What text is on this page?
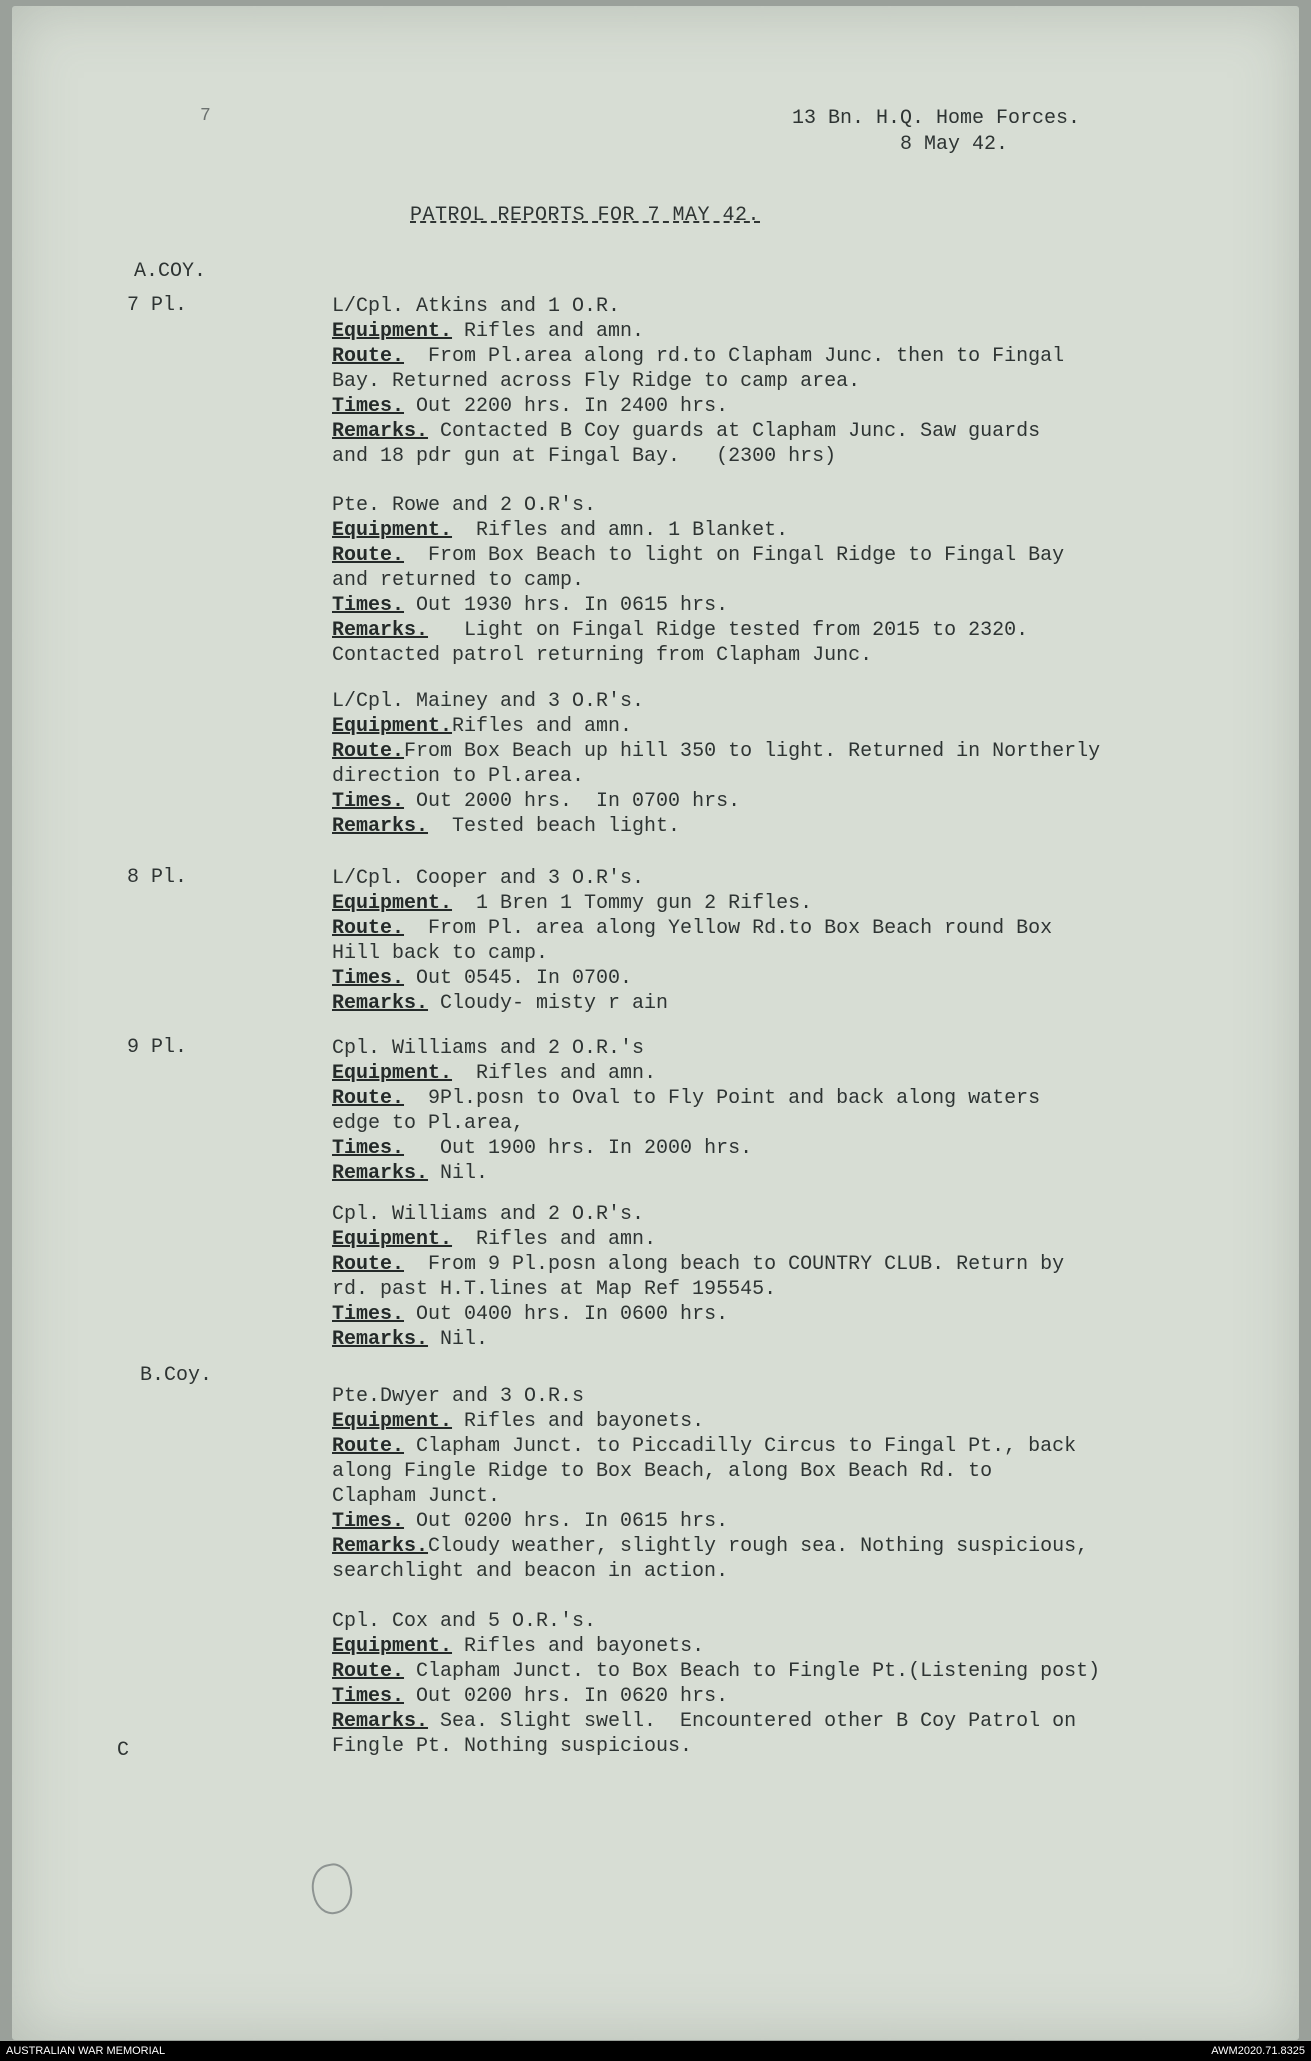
7	13 Bn. H.Q. Home Forces.
8 May 42.
PATROL REPORTS FOR 7 MAY 42.
A.COY.
7 Pl.
8 Pl.
9 Pl.
B.Coy.
C
L/Cpl. Atkins and 1 O.R.
Equipment. Rifles and amn.
Route.  From Pl.area along rd.to Clapham Junc. then to Fingal
Bay. Returned across Fly Ridge to camp area.
Times. Out 2200 hrs. In 2400 hrs.
Remarks. Contacted B Coy guards at Clapham Junc. Saw guards
and 18 pdr gun at Fingal Bay.   (2300 hrs)
Pte. Rowe and 2 O.R's.
Equipment.  Rifles and amn. 1 Blanket.
Route.  From Box Beach to light on Fingal Ridge to Fingal Bay
and returned to camp.
Times. Out 1930 hrs. In 0615 hrs.
Remarks.   Light on Fingal Ridge tested from 2015 to 2320.
Contacted patrol returning from Clapham Junc.
L/Cpl. Mainey and 3 O.R's.
Equipment.Rifles and amn.
Route.From Box Beach up hill 350 to light. Returned in Northerly
direction to Pl.area.
Times. Out 2000 hrs.  In 0700 hrs.
Remarks.  Tested beach light.
L/Cpl. Cooper and 3 O.R's.
Equipment.  1 Bren 1 Tommy gun 2 Rifles.
Route.  From Pl. area along Yellow Rd.to Box Beach round Box
Hill back to camp.
Times. Out 0545. In 0700.
Remarks. Cloudy- misty r ain
Cpl. Williams and 2 O.R.'s
Equipment.  Rifles and amn.
Route.  9Pl.posn to Oval to Fly Point and back along waters
edge to Pl.area,
Times.   Out 1900 hrs. In 2000 hrs.
Remarks. Nil.
Cpl. Williams and 2 O.R's.
Equipment.  Rifles and amn.
Route.  From 9 Pl.posn along beach to COUNTRY CLUB. Return by
rd. past H.T.lines at Map Ref 195545.
Times. Out 0400 hrs. In 0600 hrs.
Remarks. Nil.
Pte.Dwyer and 3 O.R.s
Equipment. Rifles and bayonets.
Route. Clapham Junct. to Piccadilly Circus to Fingal Pt., back
along Fingle Ridge to Box Beach, along Box Beach Rd. to
Clapham Junct.
Times. Out 0200 hrs. In 0615 hrs.
Remarks.Cloudy weather, slightly rough sea. Nothing suspicious,
searchlight and beacon in action.
Cpl. Cox and 5 O.R.'s.
Equipment. Rifles and bayonets.
Route. Clapham Junct. to Box Beach to Fingle Pt.(Listening post)
Times. Out 0200 hrs. In 0620 hrs.
Remarks. Sea. Slight swell.  Encountered other B Coy Patrol on
Fingle Pt. Nothing suspicious.
AUSTRALIAN WAR MEMORIAL	AWM2020.71.8325
